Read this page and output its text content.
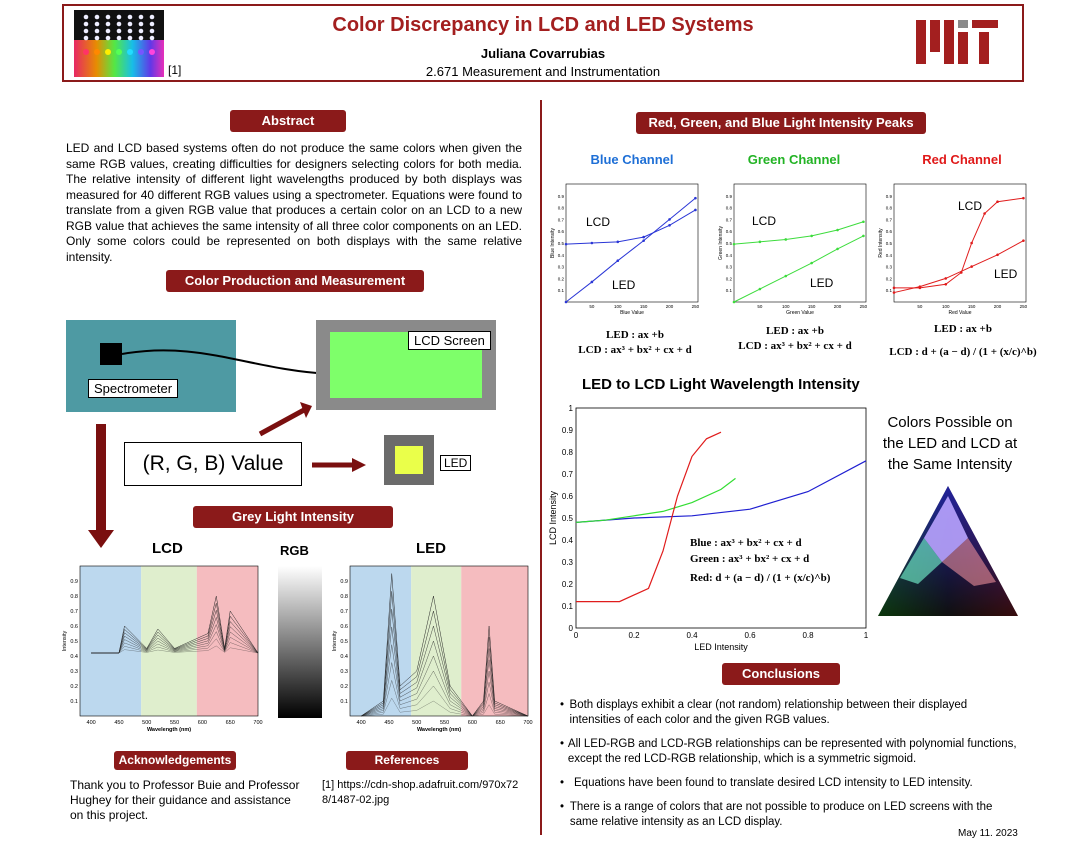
[1]
Color Discrepancy in LCD and LED Systems
Juliana Covarrubias
2.671 Measurement and Instrumentation
Abstract
LED and LCD based systems often do not produce the same colors when given the same RGB values, creating difficulties for designers selecting colors for both media. The relative intensity of different light wavelengths produced by both displays was measured for 40 different RGB values using a spectrometer. Equations were found to translate from a given RGB value that produces a certain color on an LCD to a new RGB value that achieves the same intensity of all three color components on an LED. Only some colors could be represented on both displays with the same relative intensity.
Color Production and Measurement
Spectrometer
LCD Screen
(R, G, B) Value	LED
Grey Light Intensity
LCD	RGB	LED
0.1
0.2
0.3
0.4
0.5
0.6
0.7
0.8
0.9
400	450	500	550	600	650	700
Wavelength (nm)
Intensity
0.1
0.2
0.3
0.4
0.5
0.6
0.7
0.8
0.9
400	450	500	550	600	650	700
Wavelength (nm)
Intensity
Acknowledgements
Thank you to Professor Buie and Professor Hughey for their guidance and assistance on this project.
References
[1] https://cdn-shop.adafruit.com/970x728/1487-02.jpg
Red, Green, and Blue Light Intensity Peaks
Blue Channel	Green Channel	Red Channel
0.1
0.2
0.3
0.4
0.5
0.6
0.7
0.8
0.9
50	100	150	200	250
Blue Value
Blue Intensity
LCD
LED	0.1
0.2
0.3
0.4
0.5
0.6
0.7
0.8
0.9
50	100	150	200	250
Green Value
Green Intensity
LCD
LED
0.1
0.2
0.3
0.4
0.5
0.6
0.7
0.8
0.9
50	100	150	200	250
Red Value
Red Intensity
LCD
LED
LED : ax +b
LCD : ax³ + bx² + cx + d
LED : ax +b
LCD : ax³ + bx² + cx + d
LED : ax +b
LCD : d + (a − d) / (1 + (x/c)^b)
LED to LCD Light Wavelength Intensity
0
0.1
0.2
0.3
0.4
0.5
0.6
0.7
0.8
0.9
1
0	0.2	0.4	0.6	0.8	1
LED Intensity
LCD Intensity	Blue : ax³ + bx² + cx + d
Green : ax³ + bx² + cx + d
Red: d + (a − d) / (1 + (x/c)^b)
Colors Possible on the LED and LCD at the Same Intensity
Conclusions
• Both displays exhibit a clear (not random) relationship between their displayed intensities of each color and the given RGB values.
• All LED-RGB and LCD-RGB relationships can be represented with polynomial functions, except the red LCD-RGB relationship, which is a symmetric sigmoid.
• Equations have been found to translate desired LCD intensity to LED intensity.
• There is a range of colors that are not possible to produce on LED screens with the same relative intensity as an LCD display.
May 11. 2023
